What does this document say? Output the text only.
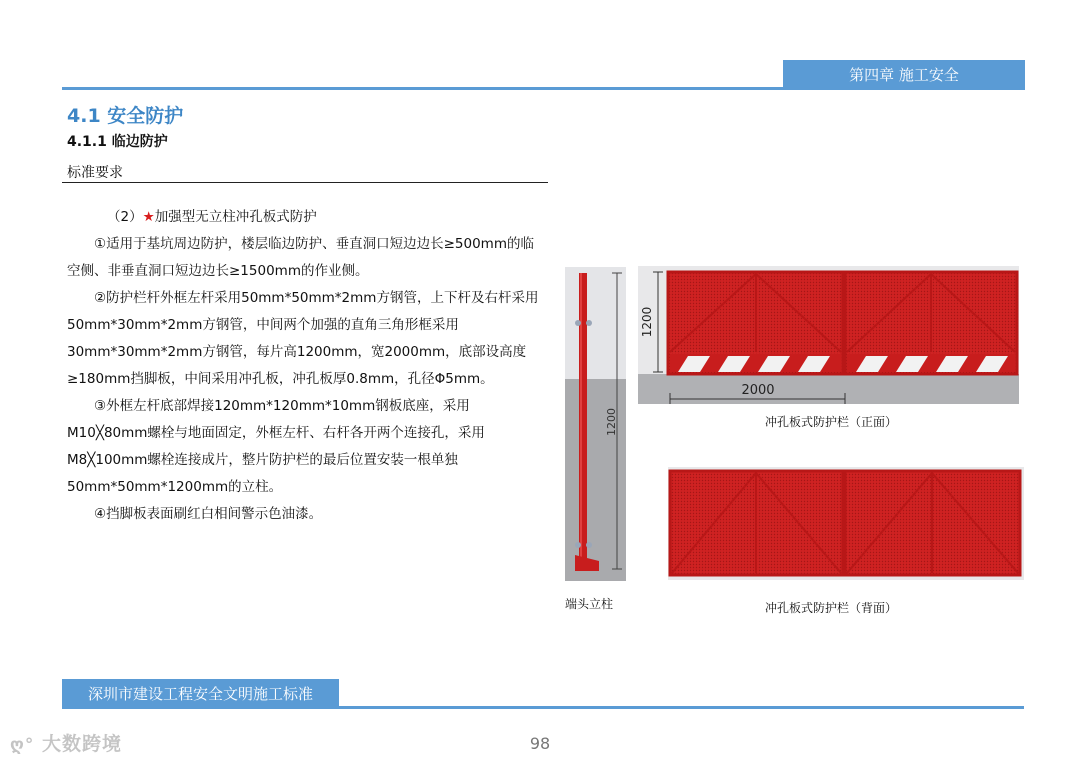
第四章 施工安全
4.1 安全防护
4.1.1 临边防护
标准要求

（2）★加强型无立柱冲孔板式防护

①适用于基坑周边防护，楼层临边防护、垂直洞口短边边长≥500mm的临空侧、非垂直洞口短边边长≥1500mm的作业侧。

②防护栏杆外框左杆采用50mm*50mm*2mm方钢管，上下杆及右杆采用50mm*30mm*2mm方钢管，中间两个加强的直角三角形框采用30mm*30mm*2mm方钢管，每片高1200mm，宽2000mm，底部设高度≥180mm挡脚板，中间采用冲孔板，冲孔板厚0.8mm，孔径Φ5mm。

③外框左杆底部焊接120mm*120mm*10mm钢板底座，采用M10╳80mm螺栓与地面固定，外框左杆、右杆各开两个连接孔，采用M8╳100mm螺栓连接成片，整片防护栏的最后位置安装一根单独50mm*50mm*1200mm的立柱。

④挡脚板表面刷红白相间警示色油漆。

1200
1200
2000
冲孔板式防护栏（正面）
端头立柱	冲孔板式防护栏（背面）
深圳市建设工程安全文明施工标准
98
ღ° 大数跨境
